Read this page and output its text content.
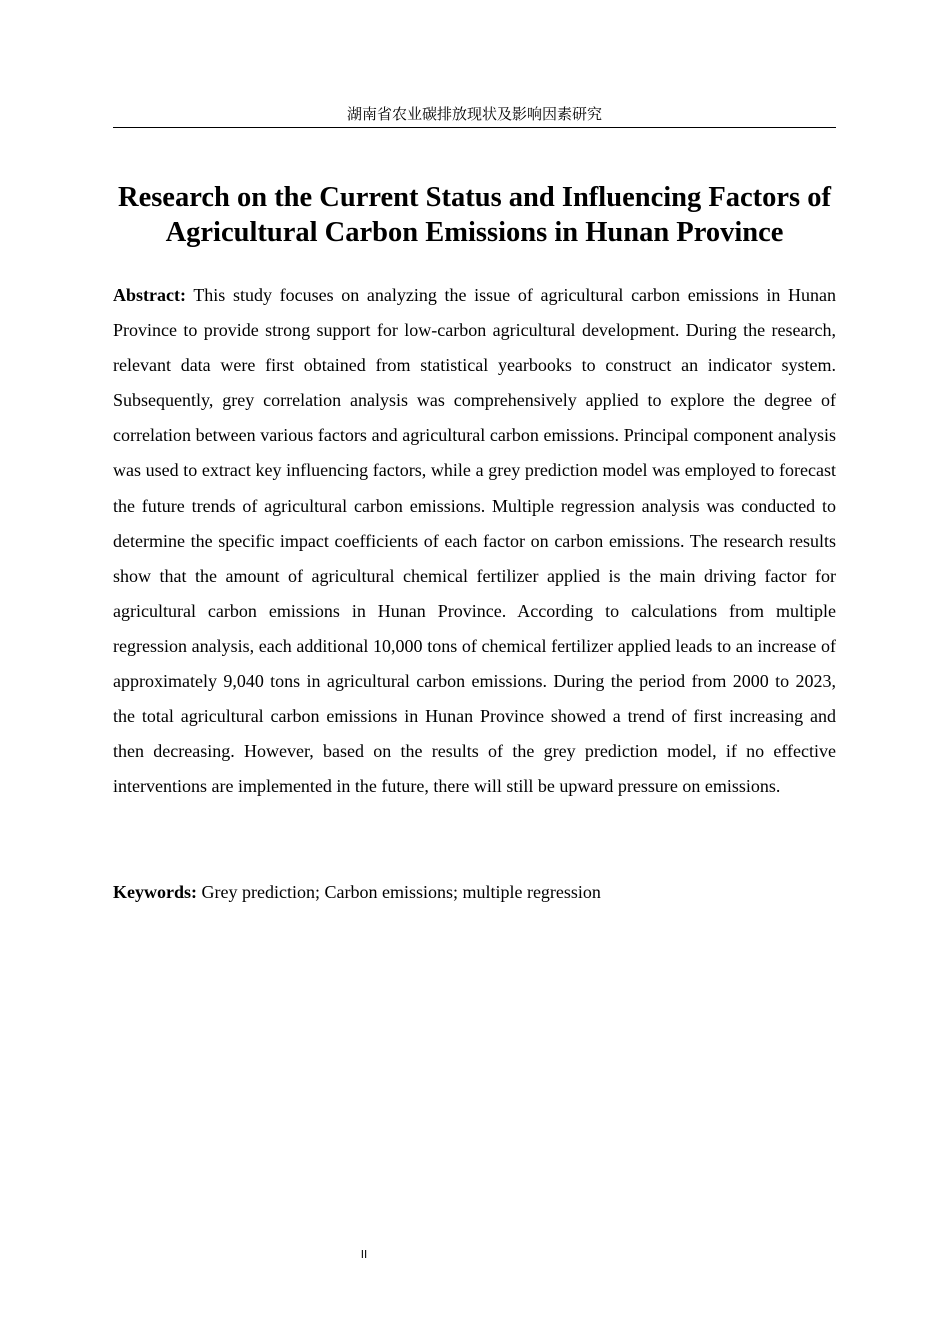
湖南省农业碳排放现状及影响因素研究
Research on the Current Status and Influencing Factors of
Agricultural Carbon Emissions in Hunan Province

Abstract: This study focuses on analyzing the issue of agricultural carbon emissions in Hunan Province to provide strong support for low-carbon agricultural development. During the research, relevant data were first obtained from statistical yearbooks to construct an indicator system. Subsequently, grey correlation analysis was comprehensively applied to explore the degree of correlation between various factors and agricultural carbon emissions. Principal component analysis was used to extract key influencing factors, while a grey prediction model was employed to forecast the future trends of agricultural carbon emissions. Multiple regression analysis was conducted to determine the specific impact coefficients of each factor on carbon emissions. The research results show that the amount of agricultural chemical fertilizer applied is the main driving factor for agricultural carbon emissions in Hunan Province. According to calculations from multiple regression analysis, each additional 10,000 tons of chemical fertilizer applied leads to an increase of approximately 9,040 tons in agricultural carbon emissions. During the period from 2000 to 2023, the total agricultural carbon emissions in Hunan Province showed a trend of first increasing and then decreasing. However, based on the results of the grey prediction model, if no effective interventions are implemented in the future, there will still be upward pressure on emissions.

Keywords: Grey prediction; Carbon emissions; multiple regression

II
